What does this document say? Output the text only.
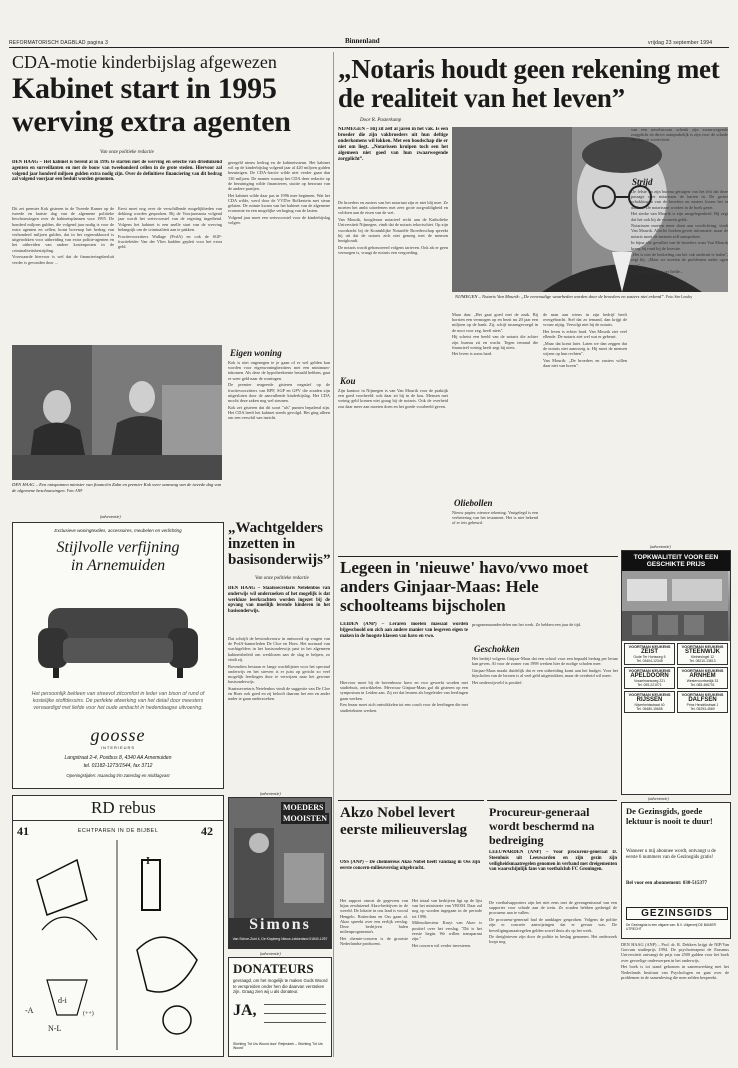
REFORMATORISCH DAGBLAD pagina 3	Binnenland	vrijdag 23 september 1994
CDA-motie kinderbijslag afgewezen
Kabinet start in 1995 werving extra agenten
Van onze politieke redactie
DEN HAAG – Het kabinet is bereid al in 1995 te starten met de werving en selectie van drieduizend agenten en surveillanten en met de bouw van tweehonderd cellen in de grote steden. Hiervoor zal volgend jaar honderd miljoen gulden extra nodig zijn. Over de definitieve financiering van dit bedrag zal volgend voorjaar een besluit worden genomen.

Dit zei premier Kok gisteren in de Tweede Kamer op de tweede en laatste dag van de algemene politieke beschouwingen over de kabinetsplannen voor 1995. De honderd miljoen gulden, die volgend jaar nodig is voor de extra agenten en cellen, komt bovenop het bedrag van verhonderd miljoen gulden, dat in het regeerakkoord is uitgetrokken voor uitbreiding van extra politie-agenten en het uitbreiden van andere kostenposten in de criminaliteitsbestrijding.

Voorwaarde hiervoor is wel dat de financieringsbesluit verder is gevonden door ...

Eerst moet nog over de verschillende mogelijkheden van dekking worden gesproken. Bij de Voorjaarsnota volgend jaar wordt het wetsvoorstel van de regering ingediend. Volgens het kabinet is een snelle start van de werving belangrijk om de criminaliteit aan te pakken.

Fractievoorzitters Wallage (PvdA) en ook de SGP-fractieleider Van der Vlies hadden gepleit voor het extra geld.

geregeld nieuw bedrag en de kabinetssteun. Het kabinet wil op de kinderbijslag volgend jaar al 420 miljoen gulden bezuinigen. De CDA-fractie wilde niet verder gaan dan 130 miljoen. De manier waarop het CDA deze redactie op de bezuiniging wilde financieren, stuitte op bezwaar van de andere partijen.

Het kabinet wilde daar pas in 1996 mee beginnen. Wat het CDA wilde, werd door de VVD'er Bolkestein met steun gelaten. De ruimte kwam van het kabinet van de algemene economie en een mogelijke verhoging van de lasten.

Volgend jaar moet een wetsvoorstel voor de kinderbijslag volgen.

Eigen woning

Kok is niet ongenegen te je gaan of er wel gelden kan worden voor eigenwoningbezitters met een minimum-inkomen. Als deze de hypotheekrente betaald hebben, gaat er weer geld naar de woningen.

De premier reageerde gisteren negatief op de fractievoorzitters van RPF, SGP en GPV die zouden zijn uitgesloten door de aanvullende kinderbijslag. Het CDA mocht deze zaken nog wel steunen.

Kok zei gisteren dat dit soort "als" punten bepalend zijn. Het CDA heeft het kabinet steeds gevolgd. Het ging alleen om een verschil van inzicht.

DEN HAAG – Een ontspannen minister van financiën Zalm en premier Kok weer aanvang van de tweede dag van de algemene beschouwingen. Foto: ANP
„Notaris houdt geen rekening met de realiteit van het leven”
Door R. Pasterkamp
NIJMEGEN – Hij zit zelf al jaren in het vak. Is een broeder die zijn vakbroeders uit hun deftige onderkomens wil lokken. Met een boodschap die er niet om liegt. „Notarissen kruipen toch een het algemeen niet goed van hun zwaarwegende zorgplicht”.

De broeders en zusters van het notariaat zijn er niet blij mee. Ze moeten het ambt uitoefenen met zeer grote zorgvuldigheid en voldoen aan de eisen van de wet.

Van Mourik, hoogleraar notarieel recht aan de Katholieke Universiteit Nijmegen, vindt dat de notaris tekortschiet. Op zijn voordracht bij de Koninklijke Notariële Broederschap spreekt hij uit dat de notaris zich niet genoeg met de mensen bezighoudt.

De notaris wordt gehonoreerd volgens tarieven. Ook als er geen vermogen is, vraagt de notaris een vergoeding.

Kou

Zijn kantoor in Nijmegen is van Van Mourik voor de praktijk een goed voorbeeld: ook daar zit hij in de kou. Mensen met weinig geld komen niet graag bij de notaris. Ook de overheid zou daar meer aan moeten doen en het goede voorbeeld geven.

NIJMEGEN – Notaris Van Mourik: „De eenvoudige waarheden worden door de broeders en zusters niet erkend”. Foto: Sier Loudcy

Maar dan: „Het gaat goed met de zaak. Bij borsten een vermogen op en bezit nu 20 jaar een miljoen op de bank. Zij, schijf tussengevoegd in de noot voor zeg, heeft niets".

Hij schetst een beeld van de notaris die achter zijn bureau zit en wacht. Tegen iemand die financieel weinig heeft zegt hij niets.

Het leven is soms hard.

Oliebollen

Nieuw papier, nieuwe tekening. Vastgelegd is een verbetering van het testament. Het is niet bekend of er iets gebeurd.

de man aan wiens in zijn bedrijf heeft overgebracht. Stel dat zo iemand, dan krijgt de vrouw nijtig. Vervolgt niet bij de notaris.

Het leven is echter hard. Van Mourik ziet veel ellende. De notaris ziet wel wat er gebeurt.

„Maar dat komt later. Laten we dan zeggen dat de notaris niet aanwezig is. Hij moet de mensen wijzen op hun rechten".

Van Mourik: „De broeders en zusters willen daar niet van horen".

van een nevelstroom schenk zijn zwaarwegende zorgplicht en direct aansprakelijk is zijn voor de schade die daaruit voortvloeit.

Strijd

De felste op zijn bureau getuigen van het feit dat deze passage over notarissen de harten in. De groter schokkingen van de broeders en zusters kwam het in dank af. De notarissen worden in de hoek gezet.

Het sterke van Mourik is zijn aangelegenheid. Hij zegt dat het ook bij de vrouwen geldt.

Notarissen moeten meer doen aan voorlichting, vindt Van Mourik. Allerlei boeken geven informatie, maar de notaris moet de mensen zelf aanspreken.

In bijna alle gevallen van de broeders waar Van Mourik kreeg hij rond bij de kwestie.

„Het is niet de bedoeling om het vak onderuit te halen", zegt hij. „Maar we moeten de problemen onder ogen zien".

De kleine broeders ter liefde...

Legeen in 'nieuwe' havo/vwo moet anders Ginjaar-Maas: Hele schoolteams bijscholen
LEIDEN (ANP) – Leraren moeten massaal worden bijgeschoold om zich aan andere manier van lesgeven eigen te maken in de hoogste klassen van havo en vwo.

Hiervoor moet bij de bovenbouw havo en vwo gewerkt worden met studiehuis, ontwikkelen. Mevrouw Ginjaar-Maas gaf dit gisteren op een symposium in Leiden aan. Zij zei dat leraren als begeleider van leerlingen gaan werken.

Een leraar moet zich ontwikkelen tot een coach voor de leerlingen die met studieteksten werken.

programmaonderdelen om het werk. Ze hebben een jaar de tijd.

Geschokken

Het bedrijf volgens Ginjaar-Maas dat een school voor een bepaald bedrag per leraar kan geven. Al voor de zomer van 1998 werken hier de nodige scholen mee.

Ginjaar-Maas maakt duidelijk dat er een uitbreiding komt aan het budget. Voor het bijscholen van de leraren is al veel geld uitgetrokken, maar de overheid wil meer.

Het onderwijsveld is positief.

(advertentie)
TOPKWALITEIT VOOR EEN GESCHIKTE PRIJS
VOORTMAN KEUKENS
ZEIST
Oude Ter Hortsweg 5
Tel. 03404-12345
VOORTMAN KEUKENS
STEENWIJK
Kleinesingel 12
Tel. 05210-13813
VOORTMAN KEUKENS
APELDOORN
Vosselmansweg 221
Tel. 055-221071
VOORTMAN KEUKENS
ARNHEM
Westervoortsedijk 33
Tel. 085-456701
VOORTMAN KEUKENS
RIJSSEN
Nijverheidsstraat 40
Tel. 05480-15655
VOORTMAN KEUKENS
DALFSEN
Prins Hendrikstraat 1
Tel. 05293-4569
„Wachtgelders inzetten in basisonderwijs”
Van onze politieke redactie
DEN HAAG – Staatssecretaris Netelenbos van onderwijs wil onderzoeken of het mogelijk is dat werkloze leerkrachten worden ingezet bij de opvang van moeilijk lerende kinderen in het basisonderwijs.

Dat schrijft de bewindsvrouw in antwoord op vragen van de PvdA-kamerleden De Cloe en Hoes. Het normaal van wachtgelders in het basisonderwijs past in het algemeen kabinetsbeleid om werklozen aan de slag te helpen, zo vindt zij.

Bovendien bestaan er lange wachtlijsten voor het speciaal onderwijs en het streven is er juist op gericht zo veel mogelijk leerlingen door te verwijzen naar het gewone basisonderwijs.

Staatssecretaris Netelenbos vindt de suggestie van De Cloe en Hoes ook goed en zij belooft daarom het een en ander nader te gaan onderzoeken.

(advertentie)
Exclusieve woningtextiles, accessoires, meubelen en verlichting
Stijlvolle verfijning
in Arnemuiden
Het persoonlijk bekleen van streevol zitcomfort in leder van bison of rund of kostelijke stoffdessins. De perfekte afwerking van het detail door meesters vervaardigd met liefde voor het oude ambacht in hedendaagse uitvoering.
goosse
INTERIEURS
Langstraat 2-4, Postbus 8, 4340 AA Arnemuiden
tel. 01182-1273/1544, fax 3712
Openingstijden: maandag t/m zaterdag en middagvast
RD rebus
41	42
ECHTPAREN IN DE BIJBEL
-A
d-i
(++)
N-L
I
(advertentie)
MOEDERS
MOOISTEN
Simons
Van Schoe-Zuid 4, De Klopberg Nieuw-Lekkerland 01840-1257
(advertentie)
DONATEURS
gevraagd, om het mogelijk te maken Gods Woord te verspreiden onder hen die daarvan verstoken zijn. Graag zien wij u als donateur.
JA,
Stichting 'Tot Uw Woord door' Retjeskerk – Stichting 'Tot Uw Woord'
Akzo Nobel levert eerste milieuverslag
OSS (ANP) – De chemiereus Akzo Nobel heeft vandaag in Oss zijn eerste concern-milieuverslag uitgebracht.

Het rapport omvat de gegevens van bijna zesduizend Akzo-bedrijven in de wereld. De lokatie in ons land is vooral Hengelo. Rotterdam en Oss gaan af. Akzo spreekt over een eerlijk verslag. Deze bedrijven halen milieuprogramma's.

Het chemie-concern is de grootste Nederlandse producent.

Het totaal van bedrijven ligt op de lijst van het ministerie van VROM. Daar zal nog op worden ingegaan in de periode tot 1996.

Milieudirecteur Kruyt van Akzo is positief over het verslag. "Dit is het eerste begin. We willen transparant zijn."

Het concern wil verder investeren.

Procureur-generaal wordt beschermd na bedreiging
LEEUWARDEN (ANP) – Voor procureur-generaal D. Steenhuis uit Leeuwarden en zijn gezin zijn veiligheidsmaatregelen genomen in verband met dreigementen van waarschijnlijk fans van voetbalclub FC Groningen.

De voetbalsupporters zijn het niet eens met de gevangenisstraf van een supporter voor schade aan de trein. Ze zouden hebben gedreigd de procureur aan te vallen.

De procureur-generaal had de aanklager gesproken. Volgens de politie zijn er concrete aanwijzingen dat er gevaar was. De beveiligingsmaatregelen gelden zowel thuis als op het werk.

De dreigbrieven zijn door de politie in beslag genomen. Het onderzoek loopt nog.

(advertentie)
De Gezinsgids, goede lektuur is nooit te duur!
Wanneer u mij abonnee wordt, ontvangt u de eerste 6 nummers van de Gezinsgids gratis!
Bel voor een abonnement: 030-515377
GEZINSGIDS
De Gezinsgids is een uitgave van: B.V. Uitgeverij DE BANIER UTRECHT

DEN HAAG (ANP) – Prof. dr. R. Dekkers krijgt de NIP/Van Gorcum studieprijs 1994. De psychoterapeut de Erasmus Universiteit ontvangt de prijs van 2500 gulden voor het boek over gevoelige onderwerpen in het onderwijs.

Het boek is tot stand gekomen in samenwerking met het Nederlands Instituut van Psychologen en gaat over de problemen in de samenleving die men zelden bespreekt.
